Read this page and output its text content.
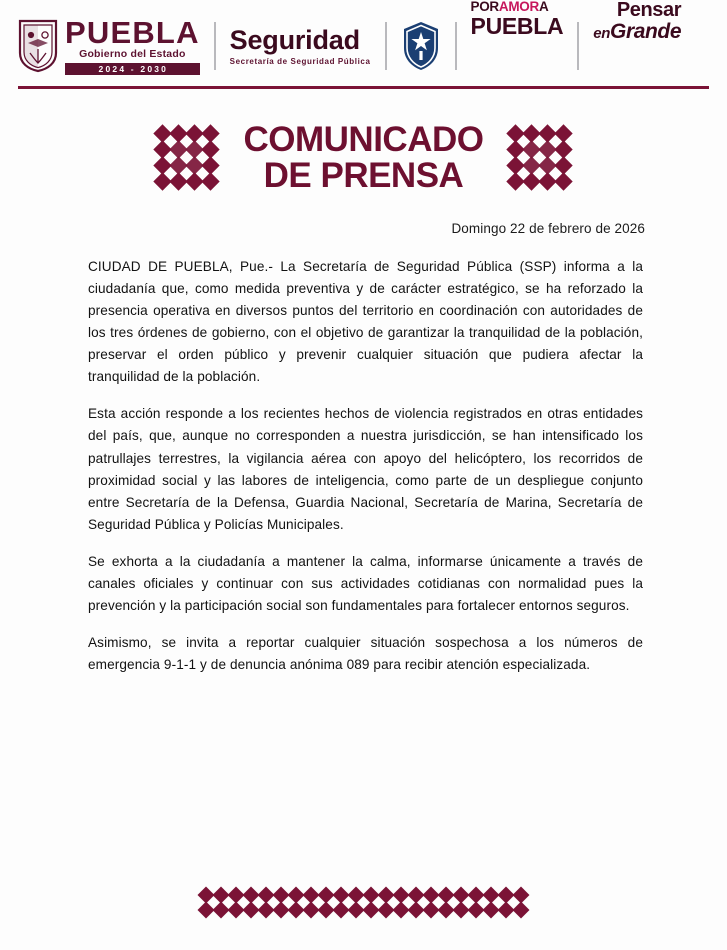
PUEBLA
Gobierno del Estado
2024 - 2030
Seguridad
Secretaría de Seguridad Pública
PORAMORA
PUEBLA
Pensar
enGrande
COMUNICADO
DE PRENSA
Domingo 22 de febrero de 2026

CIUDAD DE PUEBLA, Pue.- La Secretaría de Seguridad Pública (SSP) informa a la ciudadanía que, como medida preventiva y de carácter estratégico, se ha reforzado la presencia operativa en diversos puntos del territorio en coordinación con autoridades de los tres órdenes de gobierno, con el objetivo de garantizar la tranquilidad de la población, preservar el orden público y prevenir cualquier situación que pudiera afectar la tranquilidad de la población.

Esta acción responde a los recientes hechos de violencia registrados en otras entidades del país, que, aunque no corresponden a nuestra jurisdicción, se han intensificado los patrullajes terrestres, la vigilancia aérea con apoyo del helicóptero, los recorridos de proximidad social y las labores de inteligencia, como parte de un despliegue conjunto entre Secretaría de la Defensa, Guardia Nacional, Secretaría de Marina, Secretaría de Seguridad Pública y Policías Municipales.

Se exhorta a la ciudadanía a mantener la calma, informarse únicamente a través de canales oficiales y continuar con sus actividades cotidianas con normalidad pues la prevención y la participación social son fundamentales para fortalecer entornos seguros.

Asimismo, se invita a reportar cualquier situación sospechosa a los números de emergencia 9-1-1 y de denuncia anónima 089 para recibir atención especializada.
